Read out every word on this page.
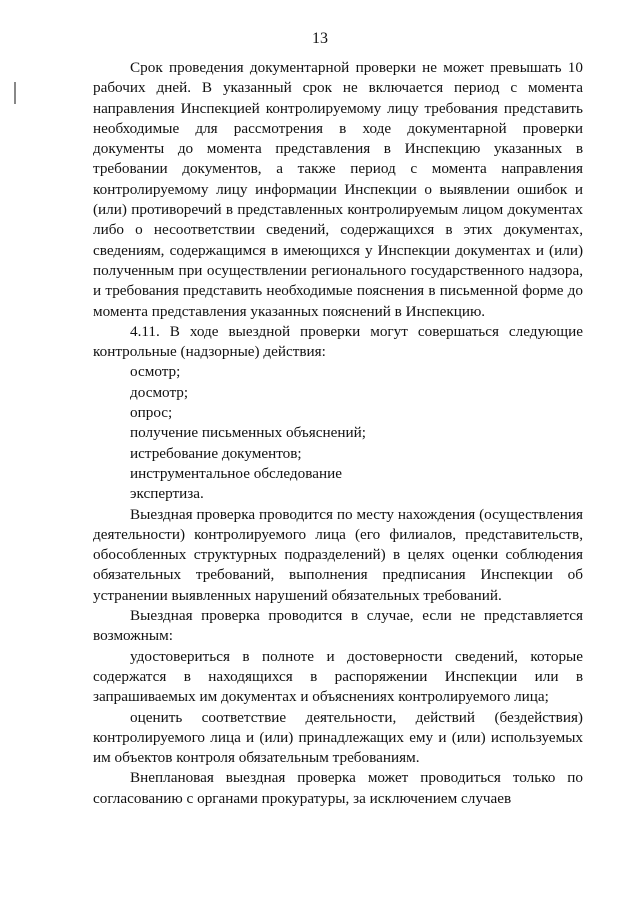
13

Срок проведения документарной проверки не может превышать 10 рабочих дней. В указанный срок не включается период с момента направления Инспекцией контролируемому лицу требования представить необходимые для рассмотрения в ходе документарной проверки документы до момента представления в Инспекцию указанных в требовании документов, а также период с момента направления контролируемому лицу информации Инспекции о выявлении ошибок и (или) противоречий в представленных контролируемым лицом документах либо о несоответствии сведений, содержащихся в этих документах, сведениям, содержащимся в имеющихся у Инспекции документах и (или) полученным при осуществлении регионального государственного надзора, и требования представить необходимые пояснения в письменной форме до момента представления указанных пояснений в Инспекцию.

4.11. В ходе выездной проверки могут совершаться следующие контрольные (надзорные) действия:

осмотр;
досмотр;
опрос;
получение письменных объяснений;
истребование документов;
инструментальное обследование
экспертиза.

Выездная проверка проводится по месту нахождения (осуществления деятельности) контролируемого лица (его филиалов, представительств, обособленных структурных подразделений) в целях оценки соблюдения обязательных требований, выполнения предписания Инспекции об устранении выявленных нарушений обязательных требований.

Выездная проверка проводится в случае, если не представляется возможным:

удостовериться в полноте и достоверности сведений, которые содержатся в находящихся в распоряжении Инспекции или в запрашиваемых им документах и объяснениях контролируемого лица;

оценить соответствие деятельности, действий (бездействия) контролируемого лица и (или) принадлежащих ему и (или) используемых им объектов контроля обязательным требованиям.

Внеплановая выездная проверка может проводиться только по согласованию с органами прокуратуры, за исключением случаев
